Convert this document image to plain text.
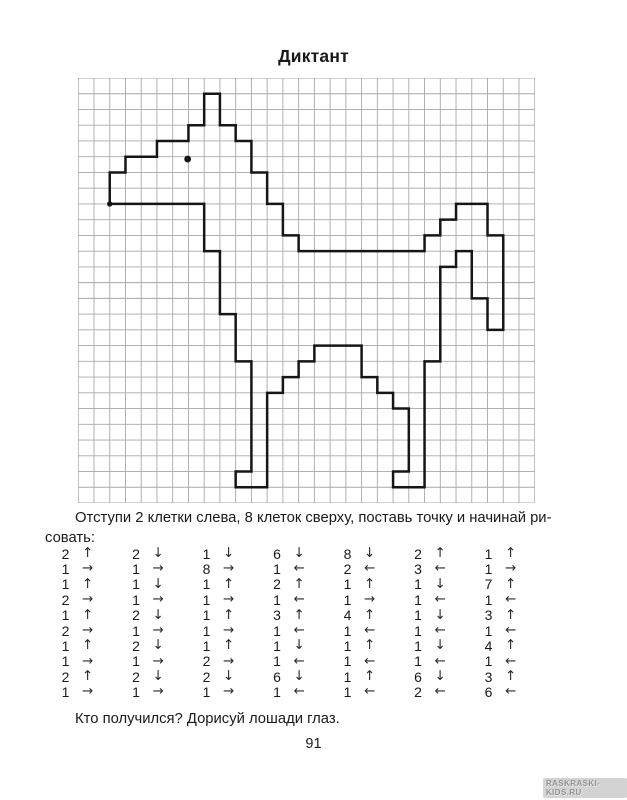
Диктант

Отступи 2 клетки слева, 8 клеток сверху, поставь точку и начинай ри-
совать:

2 ↑
1 →
1 ↑
2 →
1 ↑
2 →
1 ↑
1 →
2 ↑
1 →
2 ↓
1 →
1 ↓
1 →
2 ↓
1 →
2 ↓
1 →
2 ↓
1 →
1 ↓
8 →
1 ↑
1 →
1 ↑
1 →
1 ↑
2 →
2 ↓
1 →
6 ↓
1 ←
2 ↑
1 ←
3 ↑
1 ←
1 ↓
1 ←
6 ↓
1 ←
8 ↓
2 ←
1 ↑
1 →
4 ↑
1 ←
1 ↑
1 ←
1 ↑
1 ←
2 ↑
3 ←
1 ↓
1 ←
1 ↓
1 ←
1 ↓
1 ←
6 ↓
2 ←
1 ↑
1 →
7 ↑
1 ←
3 ↑
1 ←
4 ↑
1 ←
3 ↑
6 ←

Кто получился? Дорисуй лошади глаз.

91
RASKRASKI-KIDS.RU
